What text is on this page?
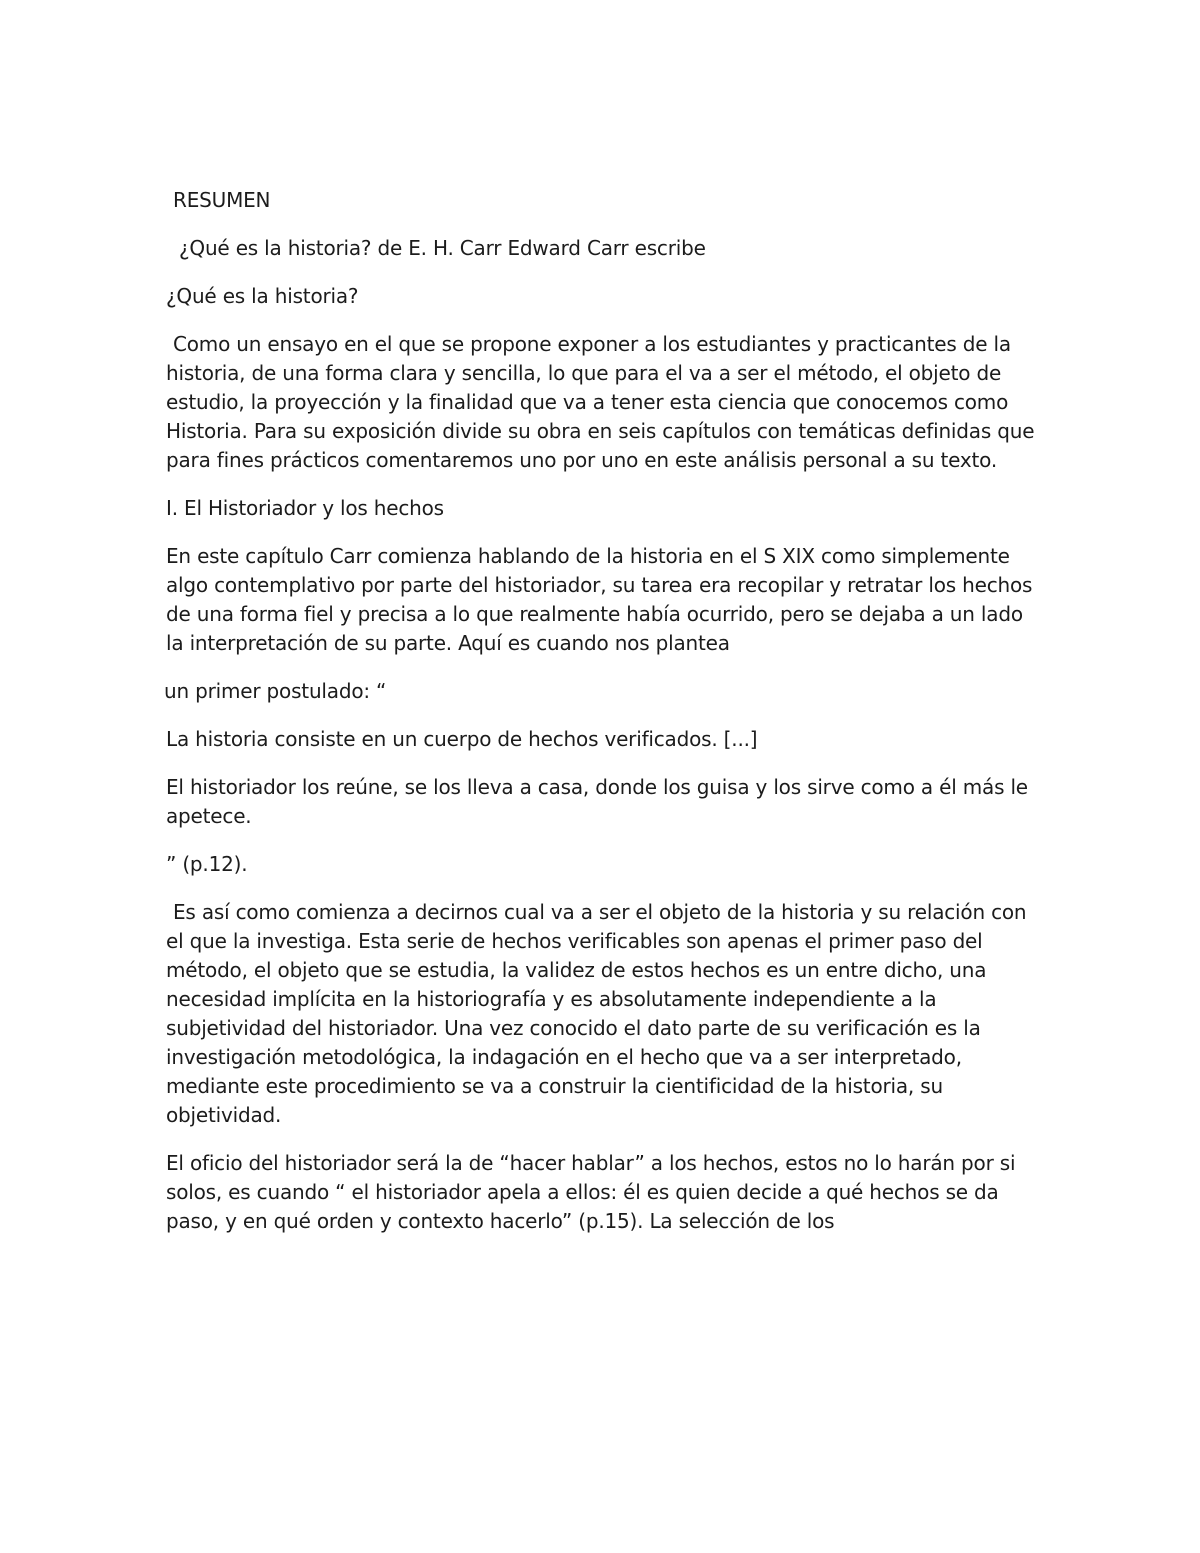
RESUMEN

¿Qué es la historia? de E. H. Carr Edward Carr escribe

¿Qué es la historia?

Como un ensayo en el que se propone exponer a los estudiantes y practicantes de la historia, de una forma clara y sencilla, lo que para el va a ser el método, el objeto de estudio, la proyección y la finalidad que va a tener esta ciencia que conocemos como Historia. Para su exposición divide su obra en seis capítulos con temáticas definidas que para fines prácticos comentaremos uno por uno en este análisis personal a su texto.

I. El Historiador y los hechos

En este capítulo Carr comienza hablando de la historia en el S XIX como simplemente algo contemplativo por parte del historiador, su tarea era recopilar y retratar los hechos de una forma fiel y precisa a lo que realmente había ocurrido, pero se dejaba a un lado la interpretación de su parte. Aquí es cuando nos plantea

un primer postulado: “

La historia consiste en un cuerpo de hechos verificados. [...]

El historiador los reúne, se los lleva a casa, donde los guisa y los sirve como a él más le apetece.

” (p.12).

Es así como comienza a decirnos cual va a ser el objeto de la historia y su relación con el que la investiga. Esta serie de hechos verificables son apenas el primer paso del método, el objeto que se estudia, la validez de estos hechos es un entre dicho, una necesidad implícita en la historiografía y es absolutamente independiente a la subjetividad del historiador. Una vez conocido el dato parte de su verificación es la investigación metodológica, la indagación en el hecho que va a ser interpretado, mediante este procedimiento se va a construir la cientificidad de la historia, su objetividad.

El oficio del historiador será la de “hacer hablar” a los hechos, estos no lo harán por si solos, es cuando “ el historiador apela a ellos: él es quien decide a qué hechos se da paso, y en qué orden y contexto hacerlo” (p.15). La selección de los
